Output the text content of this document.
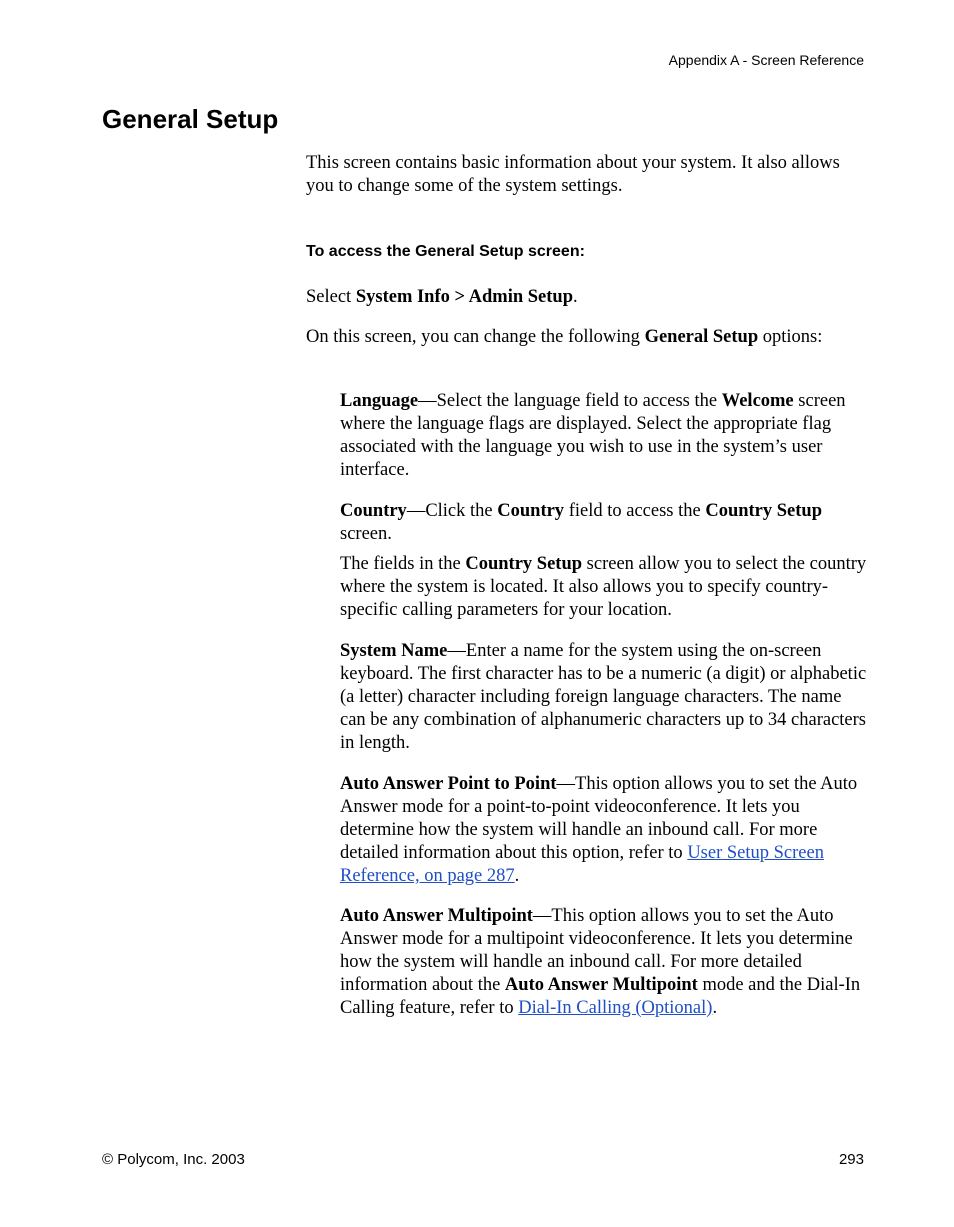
Appendix A - Screen Reference
General Setup

This screen contains basic information about your system. It also allows you to change some of the system settings.

To access the General Setup screen:

Select System Info > Admin Setup.

On this screen, you can change the following General Setup options:

Language—Select the language field to access the Welcome screen where the language flags are displayed. Select the appropriate flag associated with the language you wish to use in the system’s user interface.

Country—Click the Country field to access the Country Setup screen.

The fields in the Country Setup screen allow you to select the country where the system is located. It also allows you to specify country-specific calling parameters for your location.

System Name—Enter a name for the system using the on-screen keyboard. The first character has to be a numeric (a digit) or alphabetic (a letter) character including foreign language characters. The name can be any combination of alphanumeric characters up to 34 characters in length.

Auto Answer Point to Point—This option allows you to set the Auto Answer mode for a point-to-point videoconference. It lets you determine how the system will handle an inbound call. For more detailed information about this option, refer to User Setup Screen Reference, on page 287.

Auto Answer Multipoint—This option allows you to set the Auto Answer mode for a multipoint videoconference. It lets you determine how the system will handle an inbound call. For more detailed information about the Auto Answer Multipoint mode and the Dial-In Calling feature, refer to Dial-In Calling (Optional).

© Polycom, Inc. 2003	293
